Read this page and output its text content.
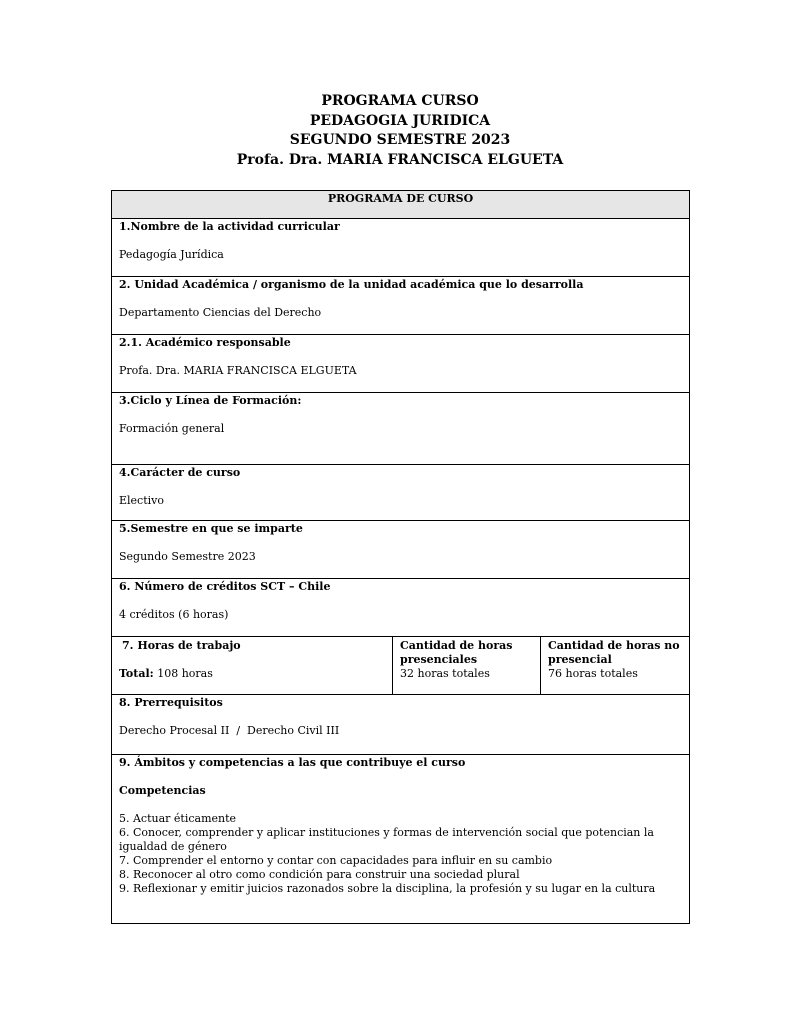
PROGRAMA CURSO
PEDAGOGIA JURIDICA
SEGUNDO SEMESTRE 2023
Profa. Dra. MARIA FRANCISCA ELGUETA
PROGRAMA DE CURSO

1.Nombre de la actividad curricular
Pedagogía Jurídica

2. Unidad Académica / organismo de la unidad académica que lo desarrolla
Departamento Ciencias del Derecho

2.1. Académico responsable
Profa. Dra. MARIA FRANCISCA ELGUETA

3.Ciclo y Línea de Formación:
Formación general

4.Carácter de curso
Electivo

5.Semestre en que se imparte
Segundo Semestre 2023

6. Número de créditos SCT – Chile
4 créditos (6 horas)

7. Horas de trabajo
Total: 108 horas

Cantidad de horas presenciales
32 horas totales

Cantidad de horas no presencial
76 horas totales

8. Prerrequisitos
Derecho Procesal II  /  Derecho Civil III

9. Ámbitos y competencias a las que contribuye el curso
Competencias
5. Actuar éticamente
6. Conocer, comprender y aplicar instituciones y formas de intervención social que potencian la igualdad de género
7. Comprender el entorno y contar con capacidades para influir en su cambio
8. Reconocer al otro como condición para construir una sociedad plural
9. Reflexionar y emitir juicios razonados sobre la disciplina, la profesión y su lugar en la cultura
